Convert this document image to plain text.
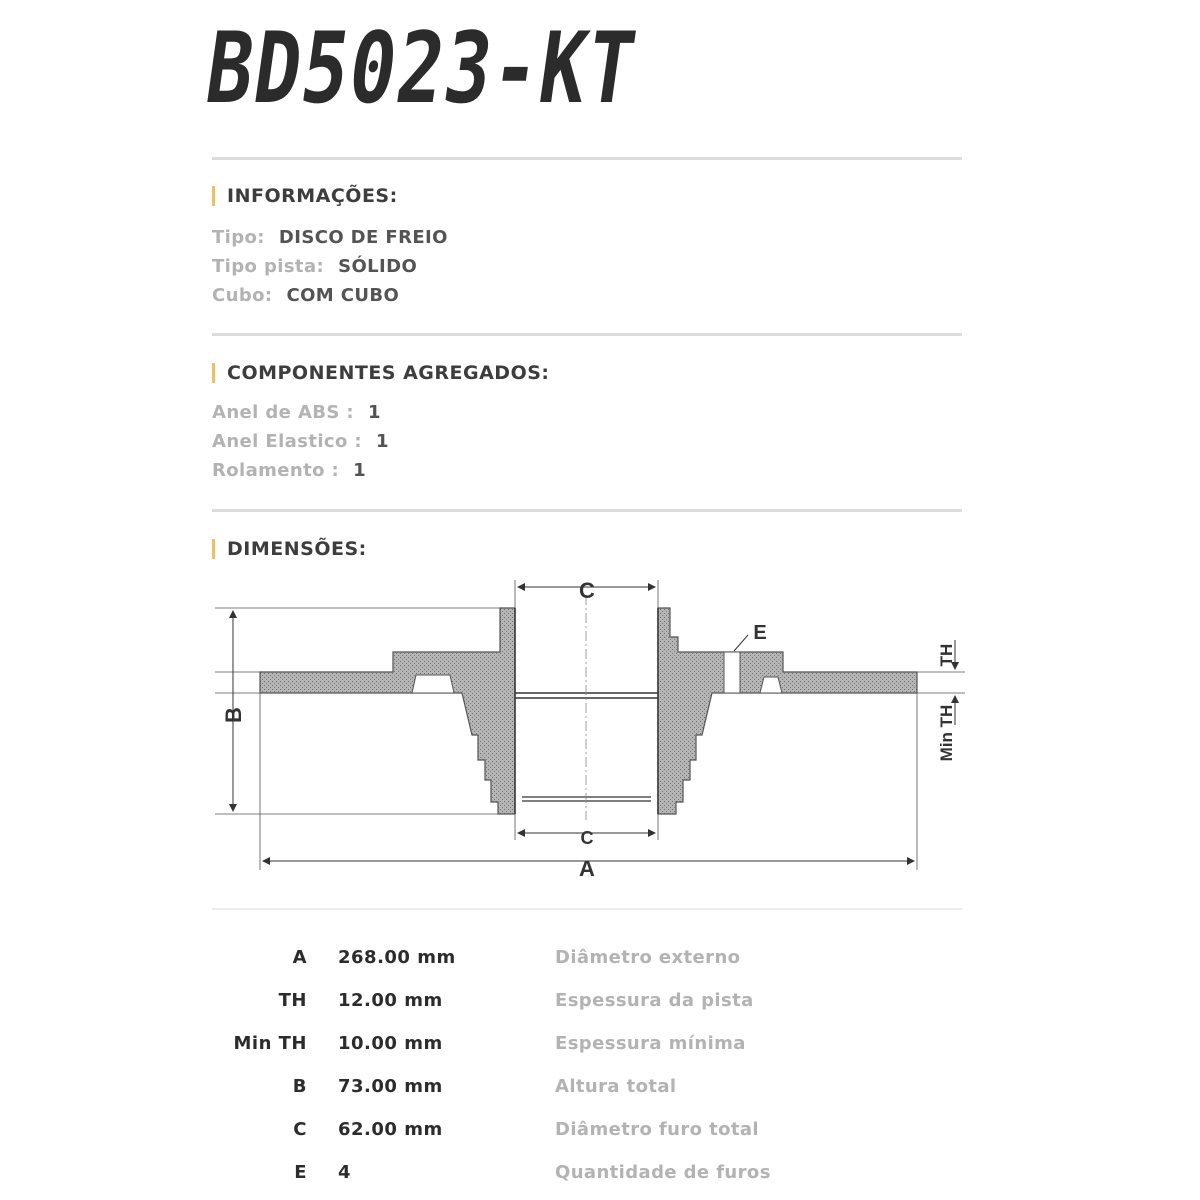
BD5023-KT
INFORMAÇÕES:
Tipo: DISCO DE FREIO
Tipo pista: SÓLIDO
Cubo: COM CUBO
COMPONENTES AGREGADOS:
Anel de ABS : 1
Anel Elastico : 1
Rolamento : 1
DIMENSÕES:
C
C
A
E
B
TH
Min TH
A	268.00 mm	Diâmetro externo
TH	12.00 mm	Espessura da pista
Min TH	10.00 mm	Espessura mínima
B	73.00 mm	Altura total
C	62.00 mm	Diâmetro furo total
E	4	Quantidade de furos
